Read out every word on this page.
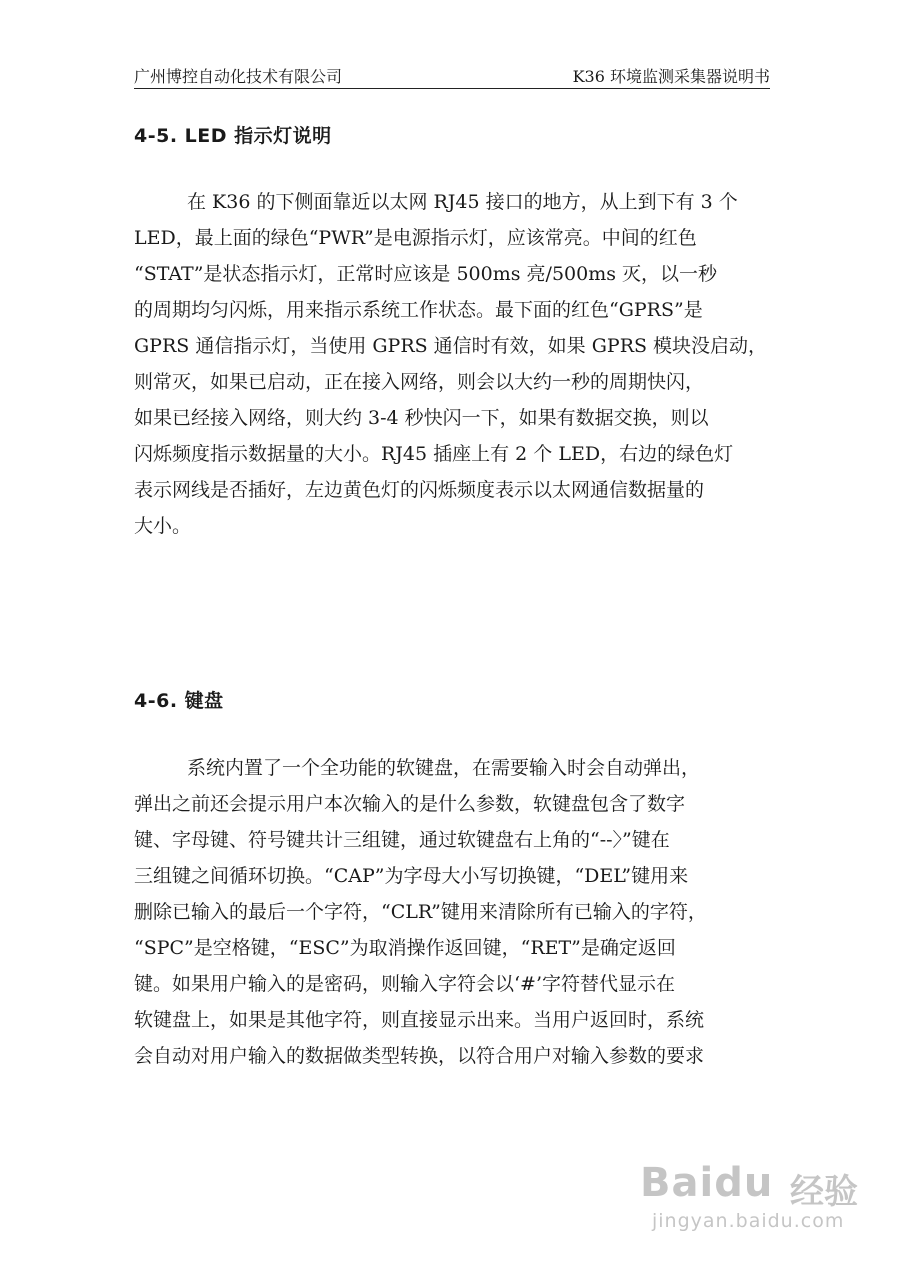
广州博控自动化技术有限公司	K36 环境监测采集器说明书
4-5. LED 指示灯说明
在 K36 的下侧面靠近以太网 RJ45 接口的地方，从上到下有 3 个
LED，最上面的绿色“PWR”是电源指示灯，应该常亮。中间的红色
“STAT”是状态指示灯，正常时应该是 500ms 亮/500ms 灭，以一秒
的周期均匀闪烁，用来指示系统工作状态。最下面的红色“GPRS”是
GPRS 通信指示灯，当使用 GPRS 通信时有效，如果 GPRS 模块没启动，
则常灭，如果已启动，正在接入网络，则会以大约一秒的周期快闪，
如果已经接入网络，则大约 3-4 秒快闪一下，如果有数据交换，则以
闪烁频度指示数据量的大小。RJ45 插座上有 2 个 LED，右边的绿色灯
表示网线是否插好，左边黄色灯的闪烁频度表示以太网通信数据量的
大小。
4-6. 键盘
系统内置了一个全功能的软键盘，在需要输入时会自动弹出，
弹出之前还会提示用户本次输入的是什么参数，软键盘包含了数字
键、字母键、符号键共计三组键，通过软键盘右上角的“--〉”键在
三组键之间循环切换。“CAP”为字母大小写切换键，“DEL”键用来
删除已输入的最后一个字符，“CLR”键用来清除所有已输入的字符，
“SPC”是空格键，“ESC”为取消操作返回键，“RET”是确定返回
键。如果用户输入的是密码，则输入字符会以‘#’字符替代显示在
软键盘上，如果是其他字符，则直接显示出来。当用户返回时，系统
会自动对用户输入的数据做类型转换，以符合用户对输入参数的要求
Baidu 经验
jingyan.baidu.com
